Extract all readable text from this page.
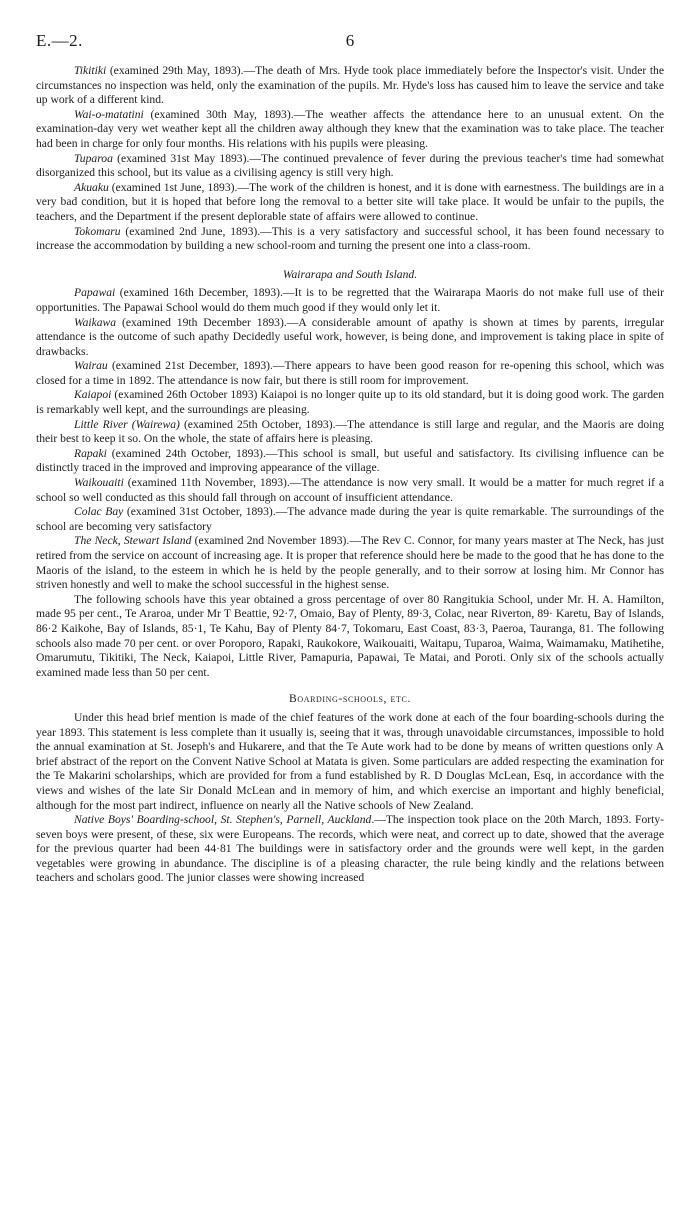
E.—2.	6

Tikitiki (examined 29th May, 1893).—The death of Mrs. Hyde took place immediately before the Inspector's visit. Under the circumstances no inspection was held, only the examination of the pupils. Mr. Hyde's loss has caused him to leave the service and take up work of a different kind.

Wai-o-matatini (examined 30th May, 1893).—The weather affects the attendance here to an unusual extent. On the examination-day very wet weather kept all the children away although they knew that the examination was to take place. The teacher had been in charge for only four months. His relations with his pupils were pleasing.

Tuparoa (examined 31st May 1893).—The continued prevalence of fever during the previous teacher's time had somewhat disorganized this school, but its value as a civilising agency is still very high.

Akuaku (examined 1st June, 1893).—The work of the children is honest, and it is done with earnestness. The buildings are in a very bad condition, but it is hoped that before long the removal to a better site will take place. It would be unfair to the pupils, the teachers, and the Department if the present deplorable state of affairs were allowed to continue.

Tokomaru (examined 2nd June, 1893).—This is a very satisfactory and successful school, it has been found necessary to increase the accommodation by building a new school-room and turning the present one into a class-room.

Wairarapa and South Island.

Papawai (examined 16th December, 1893).—It is to be regretted that the Wairarapa Maoris do not make full use of their opportunities. The Papawai School would do them much good if they would only let it.

Waikawa (examined 19th December 1893).—A considerable amount of apathy is shown at times by parents, irregular attendance is the outcome of such apathy Decidedly useful work, however, is being done, and improvement is taking place in spite of drawbacks.

Wairau (examined 21st December, 1893).—There appears to have been good reason for re-opening this school, which was closed for a time in 1892. The attendance is now fair, but there is still room for improvement.

Kaiapoi (examined 26th October 1893) Kaiapoi is no longer quite up to its old standard, but it is doing good work. The garden is remarkably well kept, and the surroundings are pleasing.

Little River (Wairewa) (examined 25th October, 1893).—The attendance is still large and regular, and the Maoris are doing their best to keep it so. On the whole, the state of affairs here is pleasing.

Rapaki (examined 24th October, 1893).—This school is small, but useful and satisfactory. Its civilising influence can be distinctly traced in the improved and improving appearance of the village.

Waikouaiti (examined 11th November, 1893).—The attendance is now very small. It would be a matter for much regret if a school so well conducted as this should fall through on account of insufficient attendance.

Colac Bay (examined 31st October, 1893).—The advance made during the year is quite remarkable. The surroundings of the school are becoming very satisfactory

The Neck, Stewart Island (examined 2nd November 1893).—The Rev C. Connor, for many years master at The Neck, has just retired from the service on account of increasing age. It is proper that reference should here be made to the good that he has done to the Maoris of the island, to the esteem in which he is held by the people generally, and to their sorrow at losing him. Mr Connor has striven honestly and well to make the school successful in the highest sense.

The following schools have this year obtained a gross percentage of over 80 Rangitukia School, under Mr. H. A. Hamilton, made 95 per cent., Te Araroa, under Mr T Beattie, 92·7, Omaio, Bay of Plenty, 89·3, Colac, near Riverton, 89· Karetu, Bay of Islands, 86·2 Kaikohe, Bay of Islands, 85·1, Te Kahu, Bay of Plenty 84·7, Tokomaru, East Coast, 83·3, Paeroa, Tauranga, 81. The following schools also made 70 per cent. or over Poroporo, Rapaki, Raukokore, Waikouaiti, Waitapu, Tuparoa, Waima, Waimamaku, Matihetihe, Omarumutu, Tikitiki, The Neck, Kaiapoi, Little River, Pamapuria, Papawai, Te Matai, and Poroti. Only six of the schools actually examined made less than 50 per cent.

Boarding-schools, etc.

Under this head brief mention is made of the chief features of the work done at each of the four boarding-schools during the year 1893. This statement is less complete than it usually is, seeing that it was, through unavoidable circumstances, impossible to hold the annual examination at St. Joseph's and Hukarere, and that the Te Aute work had to be done by means of written questions only A brief abstract of the report on the Convent Native School at Matata is given. Some particulars are added respecting the examination for the Te Makarini scholarships, which are provided for from a fund established by R. D Douglas McLean, Esq, in accordance with the views and wishes of the late Sir Donald McLean and in memory of him, and which exercise an important and highly beneficial, although for the most part indirect, influence on nearly all the Native schools of New Zealand.

Native Boys' Boarding-school, St. Stephen's, Parnell, Auckland.—The inspection took place on the 20th March, 1893. Forty-seven boys were present, of these, six were Europeans. The records, which were neat, and correct up to date, showed that the average for the previous quarter had been 44·81 The buildings were in satisfactory order and the grounds were well kept, in the garden vegetables were growing in abundance. The discipline is of a pleasing character, the rule being kindly and the relations between teachers and scholars good. The junior classes were showing increased
